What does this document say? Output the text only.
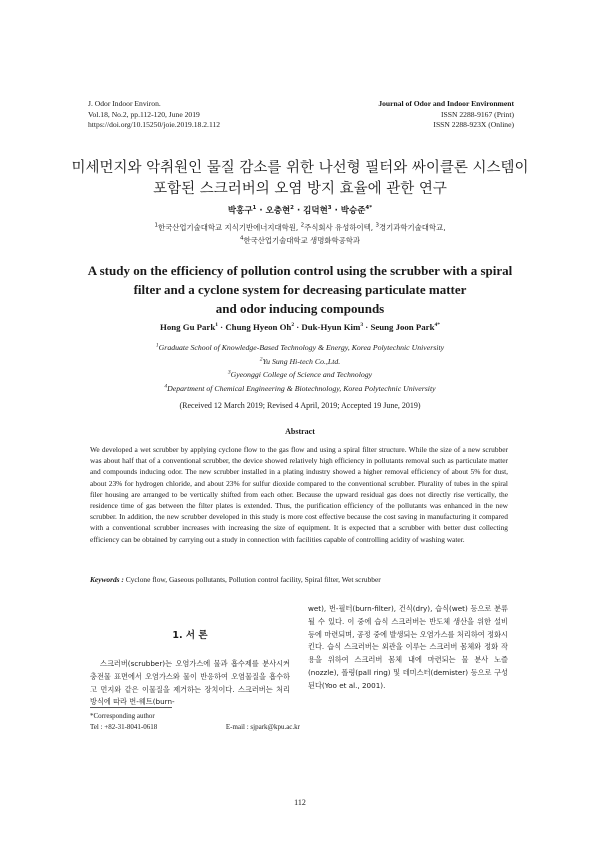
J. Odor Indoor Environ.
Vol.18, No.2, pp.112-120, June 2019
https://doi.org/10.15250/joie.2019.18.2.112
Journal of Odor and Indoor Environment
ISSN 2288-9167 (Print)
ISSN 2288-923X (Online)
미세먼지와 악취원인 물질 감소를 위한 나선형 필터와 싸이클론 시스템이
포함된 스크러버의 오염 방지 효율에 관한 연구
박홍구$^1$ · 오충현$^2$ · 김덕현$^3$ · 박승준$^{4*}$
$^1$한국산업기술대학교 지식기반에너지대학원, $^2$주식회사 유성하이텍, $^3$경기과학기술대학교,
$^4$한국산업기술대학교 생명화학공학과
A study on the efficiency of pollution control using the scrubber with a spiral
filter and a cyclone system for decreasing particulate matter
and odor inducing compounds
Hong Gu Park$^1$ · Chung Hyeon $Oh^2$ · Duk-Hyun Kim$^3$ · Seung Joon Park$^{4*}$
$^1$Graduate School of Knowledge-Based Technology & Energy, Korea Polytechnic University
$^2$Yu Sung Hi-tech Co.,Ltd.
$^3$Gyeonggi College of Science and Technology
$^4$Department of Chemical Engineering & Biotechnology, Korea Polytechnic University
(Received 12 March 2019; Revised 4 April, 2019; Accepted 19 June, 2019)
Abstract
We developed a wet scrubber by applying cyclone flow to the gas flow and using a spiral filter structure. While the size of a new scrubber was about half that of a conventional scrubber, the device showed relatively high efficiency in pollutants removal such as particulate matter and compounds inducing odor. The new scrubber installed in a plating industry showed a higher removal efficiency of about 5% for dust, about 23% for hydrogen chloride, and about 23% for sulfur dioxide compared to the conventional scrubber. Plurality of tubes in the spiral filer housing are arranged to be vertically shifted from each other. Because the upward residual gas does not directly rise vertically, the residence time of gas between the filter plates is extended. Thus, the purification efficiency of the pollutants was enhanced in the new scrubber. In addition, the new scrubber developed in this study is more cost effective because the cost saving in manufacturing it compared with a conventional scrubber increases with increasing the size of equipment. It is expected that a scrubber with better dust collecting efficiency can be obtained by carrying out a study in connection with facilities capable of controlling acidity of washing water.
Keywords : Cyclone flow, Gaseous pollutants, Pollution control facility, Spiral filter, Wet scrubber
1. 서 론

스크러버(scrubber)는 오염가스에 물과 흡수제를 분사시켜 충전물 표면에서 오염가스와 물이 반응하여 오염물질을 흡수하고 먼지와 같은 이물질을 제거하는 장치이다. 스크러버는 처리 방식에 따라 번-웨트(burn-

wet), 번-필터(burn-filter), 건식(dry), 습식(wet) 등으로 분류될 수 있다. 이 중에 습식 스크러버는 반도체 생산을 위한 설비 등에 마련되며, 공정 중에 발생되는 오염가스를 처리하여 정화시킨다. 습식 스크러버는 외관을 이루는 스크러버 몸체와 정화 작용을 위하여 스크러버 몸체 내에 마련되는 물 분사 노즐(nozzle), 폴링(pall ring) 및 데미스터(demister) 등으로 구성된다(Yoo et al., 2001).

*Corresponding author
Tel : +82-31-8041-0618	E-mail : sjpark@kpu.ac.kr
112
